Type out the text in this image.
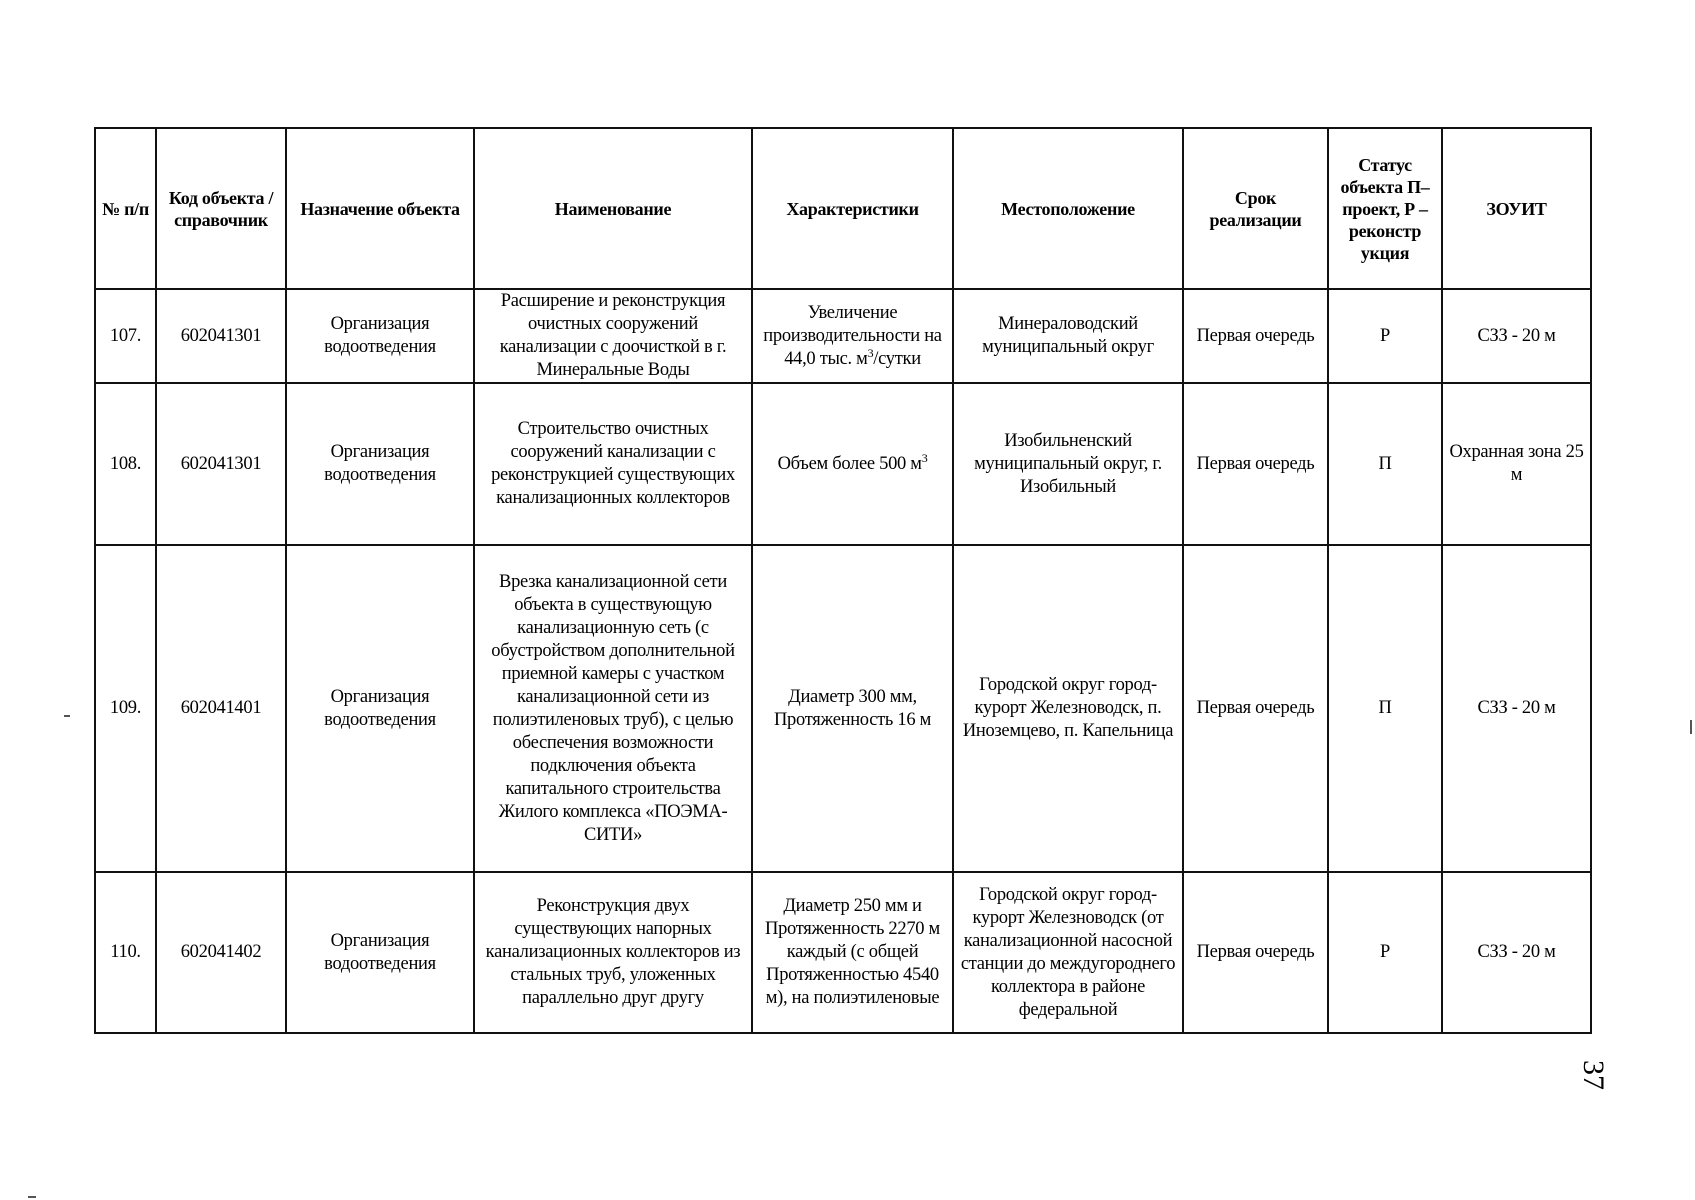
№ п/п	Код объекта / справочник	Назначение объекта	Наименование	Характеристики	Местоположение	Срок реализации	Статус объекта П– проект, Р – реконстр укция	ЗОУИТ
107.	602041301	Организация водоотведения	Расширение и реконструкция очистных сооружений канализации с доочисткой в г. Минеральные Воды	Увеличение производительности на 44,0 тыс. $м^3$/сутки	Минераловодский муниципальный округ	Первая очередь	Р	СЗЗ - 20 м
108.	602041301	Организация водоотведения	Строительство очистных сооружений канализации с реконструкцией существующих канализационных коллекторов	Объем более 500 $м^3$	Изобильненский муниципальный округ, г. Изобильный	Первая очередь	П	Охранная зона 25 м
109.	602041401	Организация водоотведения	Врезка канализационной сети объекта в существующую канализационную сеть (с обустройством дополнительной приемной камеры с участком канализационной сети из полиэтиленовых труб), с целью обеспечения возможности подключения объекта капитального строительства Жилого комплекса «ПОЭМА-СИТИ»	Диаметр 300 мм, Протяженность 16 м	Городской округ город-курорт Железноводск, п. Иноземцево, п. Капельница	Первая очередь	П	СЗЗ - 20 м
110.	602041402	Организация водоотведения	Реконструкция двух существующих напорных канализационных коллекторов из стальных труб, уложенных параллельно друг другу	Диаметр 250 мм и Протяженность 2270 м каждый (с общей Протяженностью 4540 м), на полиэтиленовые	Городской округ город-курорт Железноводск (от канализационной насосной станции до междугороднего коллектора в районе федеральной	Первая очередь	Р	СЗЗ - 20 м
37
